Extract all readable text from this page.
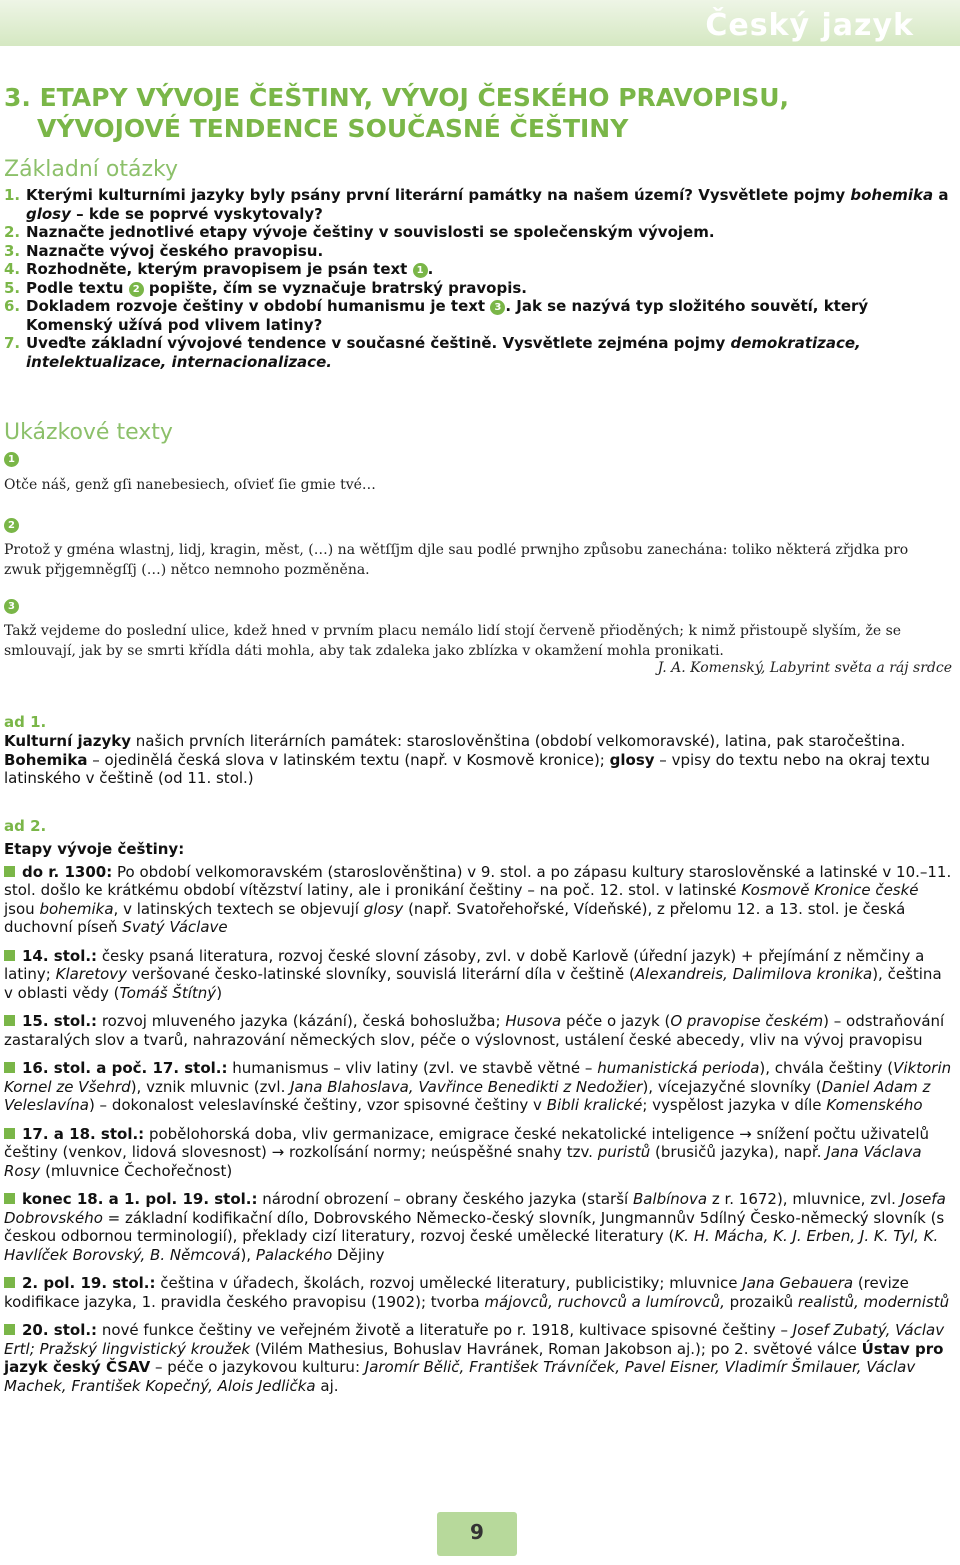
Český jazyk
3. ETAPY VÝVOJE ČEŠTINY, VÝVOJ ČESKÉHO PRAVOPISU,
VÝVOJOVÉ TENDENCE SOUČASNÉ ČEŠTINY
Základní otázky
1. Kterými kulturními jazyky byly psány první literární památky na našem území? Vysvětlete pojmy bohemika a glosy – kde se poprvé vyskytovaly?
2. Naznačte jednotlivé etapy vývoje češtiny v souvislosti se společenským vývojem.
3. Naznačte vývoj českého pravopisu.
4. Rozhodněte, kterým pravopisem je psán text 1 .
5. Podle textu 2 popište, čím se vyznačuje bratrský pravopis.
6. Dokladem rozvoje češtiny v období humanismu je text 3 . Jak se nazývá typ složitého souvětí, který Komenský užívá pod vlivem latiny?
7. Uveďte základní vývojové tendence v současné češtině. Vysvětlete zejména pojmy demokratizace, intelektualizace, internacionalizace.
Ukázkové texty
1
Otče náš, genž gſi nanebesiech, oſvieť ſie gmie tvé…
2
Protož y gména wlastnj, lidj, kragin, měst, (…) na wětſſjm djle sau podlé prwnjho způsobu zanechána: toliko některá zřjdka pro zwuk přjgemněgſſj (…) nětco nemnoho pozměněna.
3
Takž vejdeme do poslední ulice, kdež hned v prvním placu nemálo lidí stojí červeně přioděných; k nimž přistoupě slyším, že se smlouvají, jak by se smrti křídla dáti mohla, aby tak zdaleka jako zblízka v okamžení mohla pronikati.
J. A. Komenský, Labyrint světa a ráj srdce
ad 1.
Kulturní jazyky našich prvních literárních památek: staroslověnština (období velkomoravské), latina, pak staročeština. Bohemika – ojedinělá česká slova v latinském textu (např. v Kosmově kronice); glosy – vpisy do textu nebo na okraj textu latinského v češtině (od 11. stol.)
ad 2.

Etapy vývoje češtiny:

do r. 1300: Po období velkomoravském (staroslověnština) v 9. stol. a po zápasu kultury staroslověnské a latinské v 10.–11. stol. došlo ke krátkému období vítězství latiny, ale i pronikání češtiny – na poč. 12. stol. v latinské Kosmově Kronice české jsou bohemika, v latinských textech se objevují glosy (např. Svatořehořské, Vídeňské), z přelomu 12. a 13. stol. je česká duchovní píseň Svatý Václave

14. stol.: česky psaná literatura, rozvoj české slovní zásoby, zvl. v době Karlově (úřední jazyk) + přejímání z němčiny a latiny; Klaretovy veršované česko-latinské slovníky, souvislá literární díla v češtině (Alexandreis, Dalimilova kronika), čeština v oblasti vědy (Tomáš Štítný)

15. stol.: rozvoj mluveného jazyka (kázání), česká bohoslužba; Husova péče o jazyk (O pravopise českém) – odstraňování zastaralých slov a tvarů, nahrazování německých slov, péče o výslovnost, ustálení české abecedy, vliv na vývoj pravopisu

16. stol. a poč. 17. stol.: humanismus – vliv latiny (zvl. ve stavbě větné – humanistická perioda), chvála češtiny (Viktorin Kornel ze Všehrd), vznik mluvnic (zvl. Jana Blahoslava, Vavřince Benedikti z Nedožier), vícejazyčné slovníky (Daniel Adam z Veleslavína) – dokonalost veleslavínské češtiny, vzor spisovné češtiny v Bibli kralické; vyspělost jazyka v díle Komenského

17. a 18. stol.: pobělohorská doba, vliv germanizace, emigrace české nekatolické inteligence → snížení počtu uživatelů češtiny (venkov, lidová slovesnost) → rozkolísání normy; neúspěšné snahy tzv. puristů (brusičů jazyka), např. Jana Václava Rosy (mluvnice Čechořečnost)

konec 18. a 1. pol. 19. stol.: národní obrození – obrany českého jazyka (starší Balbínova z r. 1672), mluvnice, zvl. Josefa Dobrovského = základní kodifikační dílo, Dobrovského Německo-český slovník, Jungmannův 5dílný Česko-německý slovník (s českou odbornou terminologií), překlady cizí literatury, rozvoj české umělecké literatury (K. H. Mácha, K. J. Erben, J. K. Tyl, K. Havlíček Borovský, B. Němcová), Palackého Dějiny

2. pol. 19. stol.: čeština v úřadech, školách, rozvoj umělecké literatury, publicistiky; mluvnice Jana Gebauera (revize kodifikace jazyka, 1. pravidla českého pravopisu (1902); tvorba májovců, ruchovců a lumírovců, prozaiků realistů, modernistů

20. stol.: nové funkce češtiny ve veřejném životě a literatuře po r. 1918, kultivace spisovné češtiny – Josef Zubatý, Václav Ertl; Pražský lingvistický kroužek (Vilém Mathesius, Bohuslav Havránek, Roman Jakobson aj.); po 2. světové válce Ústav pro jazyk český ČSAV – péče o jazykovou kulturu: Jaromír Bělič, František Trávníček, Pavel Eisner, Vladimír Šmilauer, Václav Machek, František Kopečný, Alois Jedlička aj.

9
